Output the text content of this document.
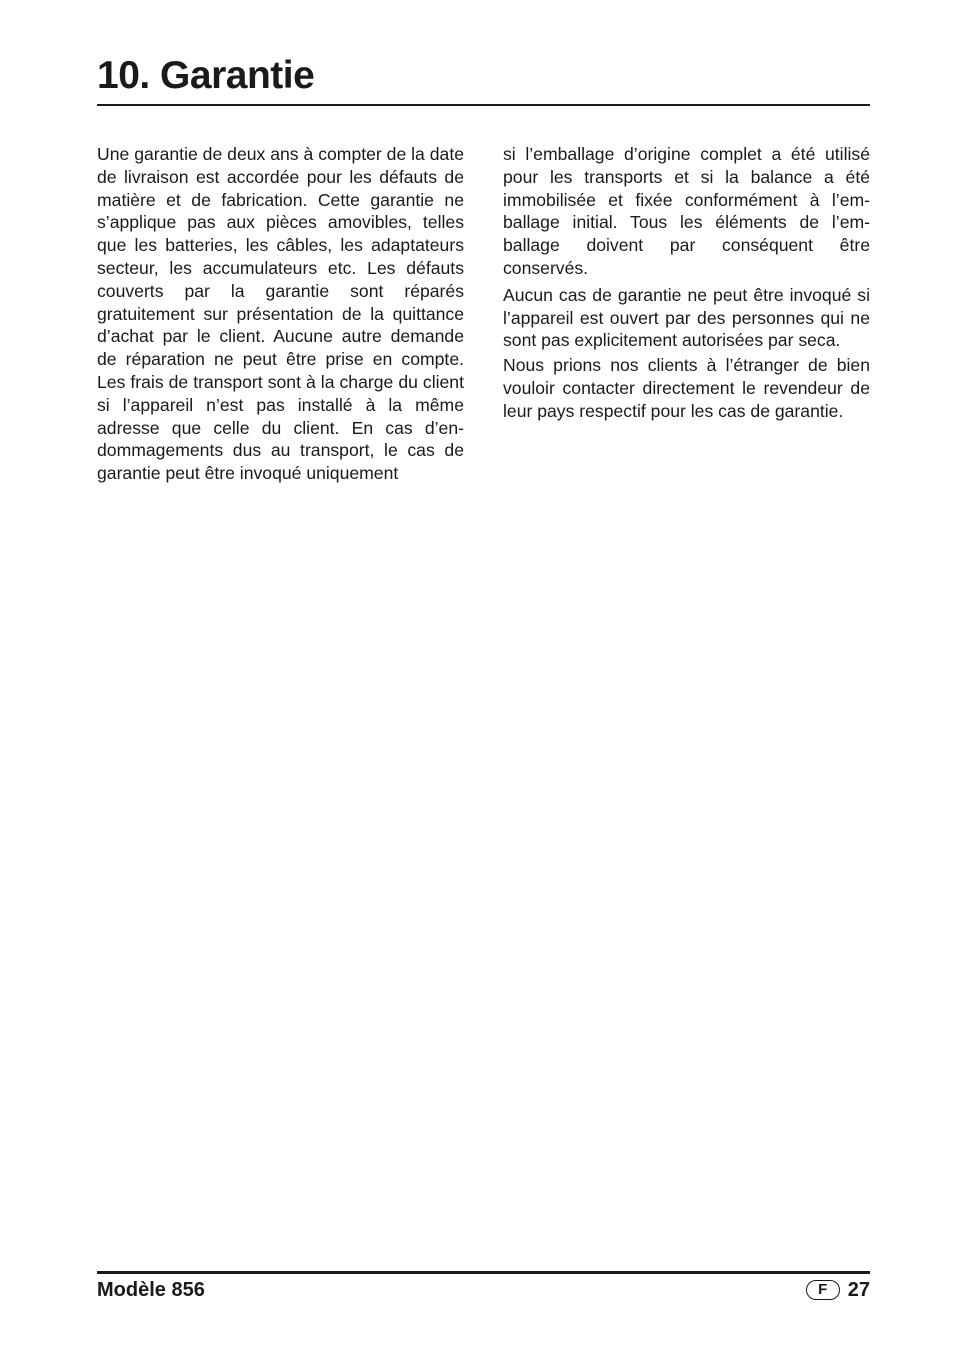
10. Garantie

Une garantie de deux ans à compter de la date de livraison est accordée pour les défauts de matière et de fabrication. Cette garantie ne s’applique pas aux pièces amovibles, telles que les batteries, les câbles, les adaptateurs secteur, les accumulateurs etc. Les défauts couverts par la garantie sont réparés gratuitement sur présentation de la quittance d’achat par le client. Aucune autre demande de réparation ne peut être prise en compte. Les frais de transport sont à la charge du client si l’appareil n’est pas installé à la même adresse que celle du client. En cas d’endommagements dus au transport, le cas de garantie peut être invoqué uniquement

si l’emballage d’origine complet a été utilisé pour les transports et si la balance a été immobilisée et fixée conformément à l’emballage initial. Tous les éléments de l’emballage doivent par conséquent être conservés.

Aucun cas de garantie ne peut être invoqué si l’appareil est ouvert par des personnes qui ne sont pas explicitement autorisées par seca.

Nous prions nos clients à l’étranger de bien vouloir contacter directement le revendeur de leur pays respectif pour les cas de garantie.

Modèle 856	F	27
